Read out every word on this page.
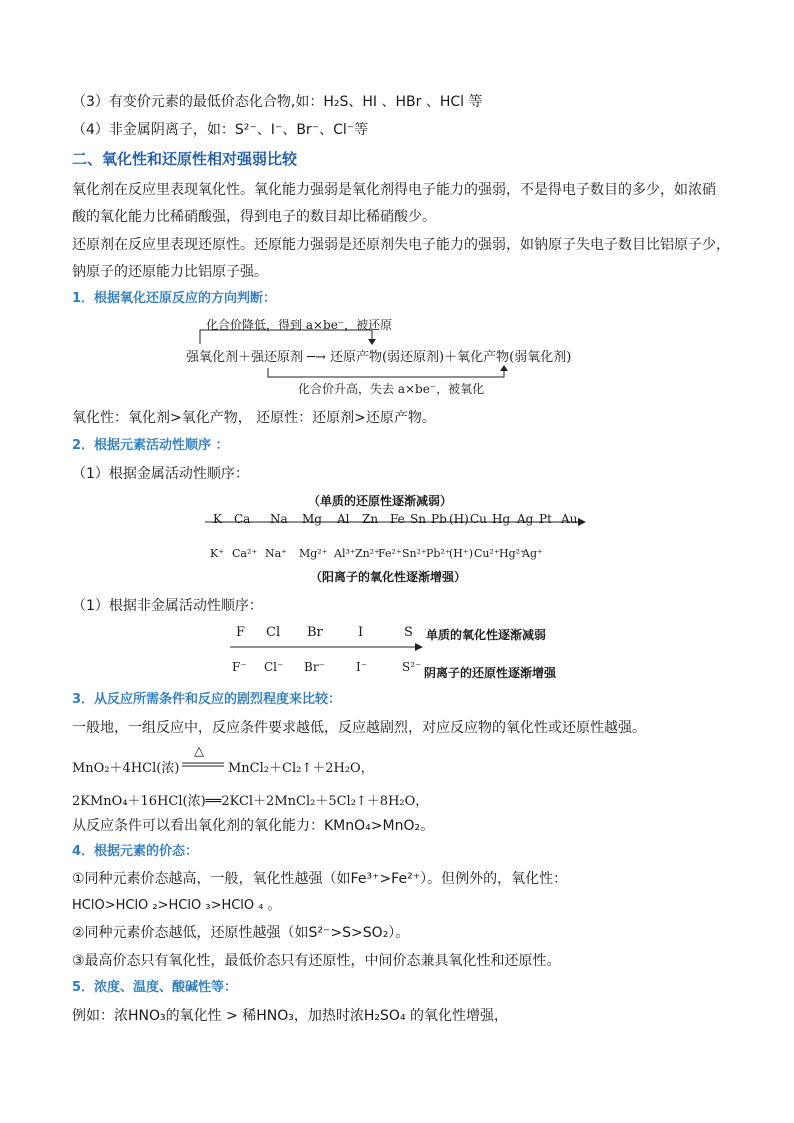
（3）有变价元素的最低价态化合物,如：H₂S、HI 、HBr 、HCl 等
（4）非金属阴离子，如：S²⁻、I⁻、Br⁻、Cl⁻等
二、氧化性和还原性相对强弱比较
氧化剂在反应里表现氧化性。氧化能力强弱是氧化剂得电子能力的强弱，不是得电子数目的多少，如浓硝
酸的氧化能力比稀硝酸强，得到电子的数目却比稀硝酸少。
还原剂在反应里表现还原性。还原能力强弱是还原剂失电子能力的强弱，如钠原子失电子数目比铝原子少，
钠原子的还原能力比铝原子强。
1．根据氧化还原反应的方向判断：
化合价降低，得到 a×be⁻，被还原
强氧化剂＋强还原剂 ─→ 还原产物(弱还原剂)＋氧化产物(弱氧化剂)
化合价升高，失去 a×be⁻，被氧化
氧化性：氧化剂>氧化产物， 还原性：还原剂>还原产物。
2．根据元素活动性顺序 ：
（1）根据金属活动性顺序：
（单质的还原性逐渐减弱）
K Ca Na Mg Al Zn Fe Sn Pb (H) Cu Hg Ag Pt Au
K⁺ Ca²⁺ Na⁺ Mg²⁺ Al³⁺ Zn²⁺
Fe²⁺ Sn²⁺ Pb²⁺
(H⁺) Cu²⁺ Hg²⁺
Ag⁺
（阳离子的氧化性逐渐增强）
（1）根据非金属活动性顺序：
F Cl Br	I	S 单质的氧化性逐渐减弱
F⁻ Cl⁻ Br⁻	I⁻	S²⁻ 阴离子的还原性逐渐增强
3．从反应所需条件和反应的剧烈程度来比较：
一般地，一组反应中，反应条件要求越低，反应越剧烈，对应反应物的氧化性或还原性越强。
MnO₂＋4HCl(浓)
△
MnCl₂＋Cl₂↑＋2H₂O，
2KMnO₄＋16HCl(浓)══2KCl＋2MnCl₂＋5Cl₂↑＋8H₂O，
从反应条件可以看出氧化剂的氧化能力：KMnO₄>MnO₂。
4．根据元素的价态：
①同种元素价态越高，一般，氧化性越强（如Fe³⁺>Fe²⁺）。但例外的，氧化性：
HClO>HClO ₂>HClO ₃>HClO ₄ 。
②同种元素价态越低，还原性越强（如S²⁻>S>SO₂）。
③最高价态只有氧化性，最低价态只有还原性，中间价态兼具氧化性和还原性。
5．浓度、温度、酸碱性等：
例如：浓HNO₃的氧化性 > 稀HNO₃，加热时浓H₂SO₄ 的氧化性增强，
